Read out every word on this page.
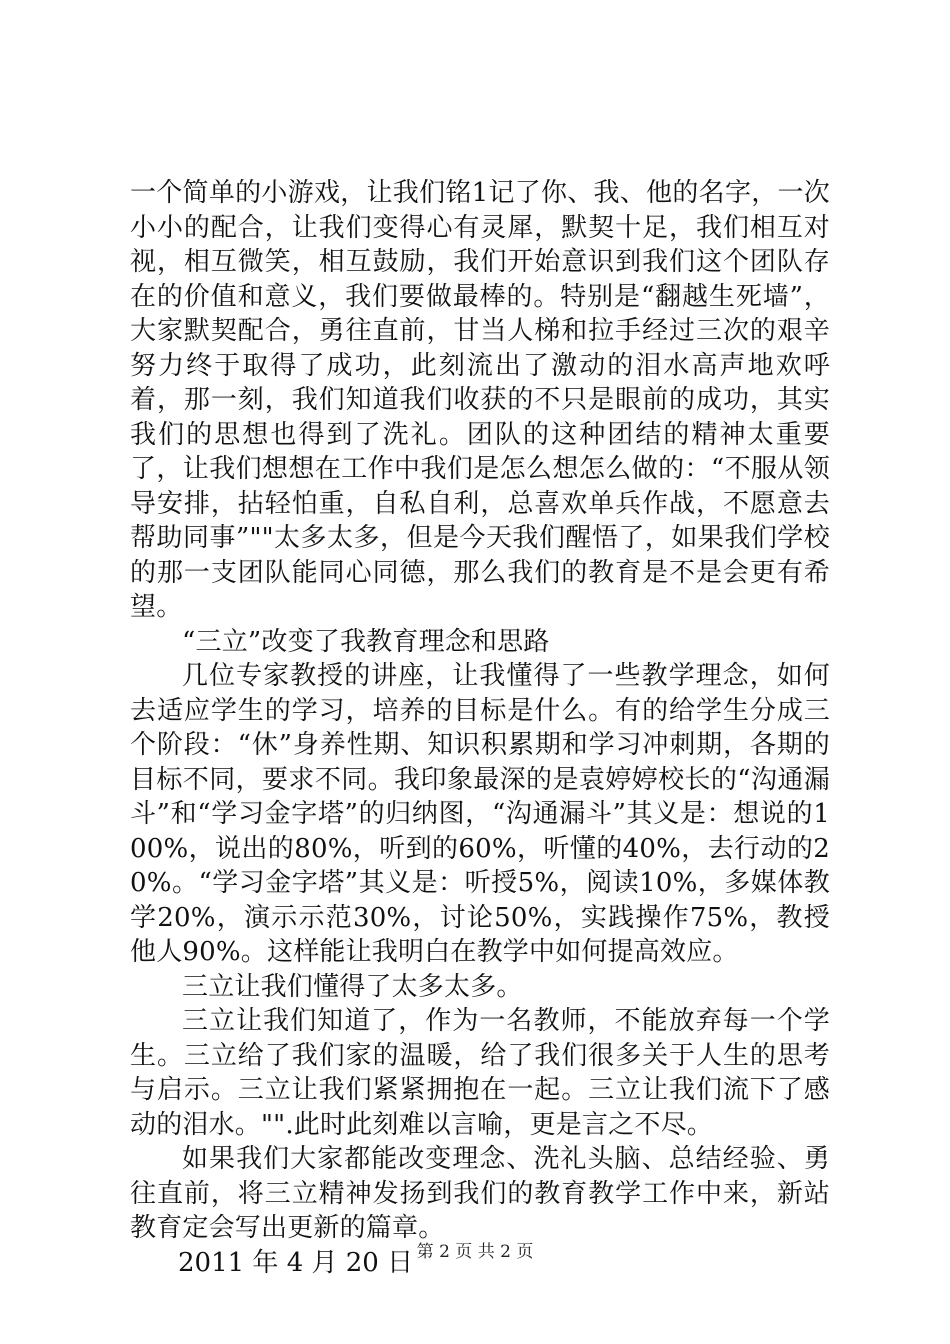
一个简单的小游戏，让我们铭1记了你、我、他的名字，一次小小的配合，让我们变得心有灵犀，默契十足，我们相互对视，相互微笑，相互鼓励，我们开始意识到我们这个团队存在的价值和意义，我们要做最棒的。特别是“翻越生死墙”，大家默契配合，勇往直前，甘当人梯和拉手经过三次的艰辛努力终于取得了成功，此刻流出了激动的泪水高声地欢呼着，那一刻，我们知道我们收获的不只是眼前的成功，其实我们的思想也得到了洗礼。团队的这种团结的精神太重要了，让我们想想在工作中我们是怎么想怎么做的：“不服从领导安排，拈轻怕重，自私自利，总喜欢单兵作战，不愿意去帮助同事”""太多太多，但是今天我们醒悟了，如果我们学校的那一支团队能同心同德，那么我们的教育是不是会更有希望。

“三立”改变了我教育理念和思路

几位专家教授的讲座，让我懂得了一些教学理念，如何去适应学生的学习，培养的目标是什么。有的给学生分成三个阶段：“休”身养性期、知识积累期和学习冲刺期，各期的目标不同，要求不同。我印象最深的是袁婷婷校长的“沟通漏斗”和“学习金字塔”的归纳图，“沟通漏斗”其义是：想说的100%，说出的80%，听到的60%，听懂的40%，去行动的20%。“学习金字塔”其义是：听授5%，阅读10%，多媒体教学20%，演示示范30%，讨论50%，实践操作75%，教授他人90%。这样能让我明白在教学中如何提高效应。

三立让我们懂得了太多太多。

三立让我们知道了，作为一名教师，不能放弃每一个学生。三立给了我们家的温暖，给了我们很多关于人生的思考与启示。三立让我们紧紧拥抱在一起。三立让我们流下了感动的泪水。"".此时此刻难以言喻，更是言之不尽。

如果我们大家都能改变理念、洗礼头脑、总结经验、勇往直前，将三立精神发扬到我们的教育教学工作中来，新站教育定会写出更新的篇章。

2011 年 4 月 20 日 第 2 页 共 2 页
